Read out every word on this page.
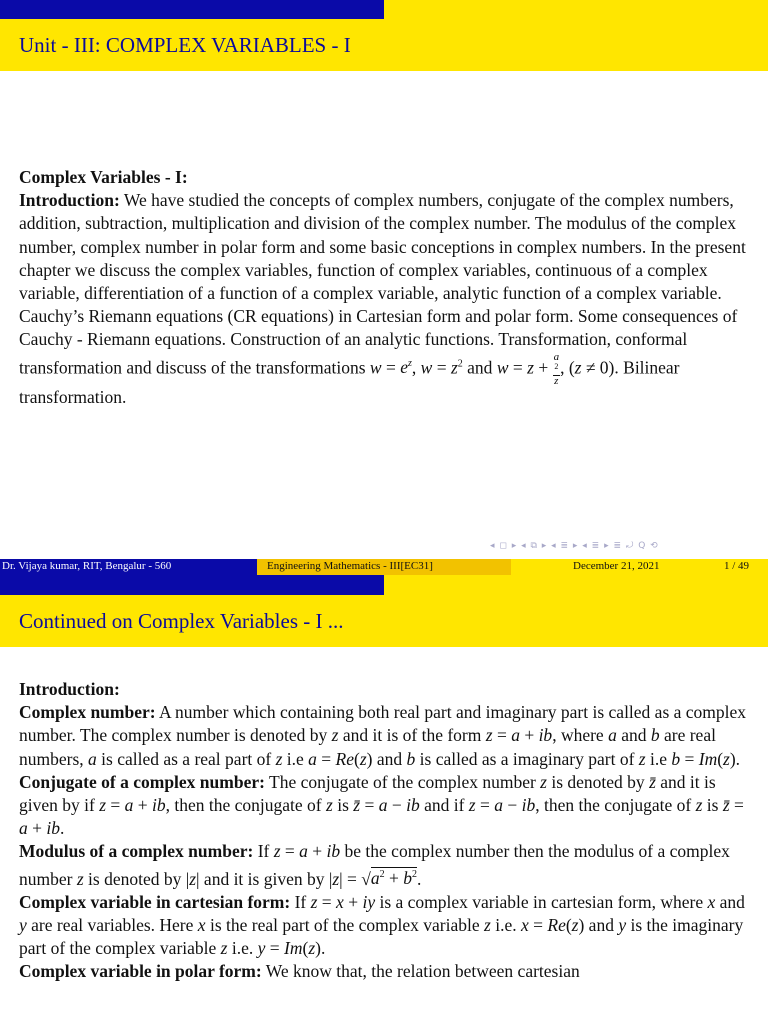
Unit - III: COMPLEX VARIABLES - I
Complex Variables - I:
Introduction: We have studied the concepts of complex numbers, conjugate of the complex numbers, addition, subtraction, multiplication and division of the complex number. The modulus of the complex number, complex number in polar form and some basic conceptions in complex numbers. In the present chapter we discuss the complex variables, function of complex variables, continuous of a complex variable, differentiation of a function of a complex variable, analytic function of a complex variable. Cauchy’s Riemann equations (CR equations) in Cartesian form and polar form. Some consequences of Cauchy - Riemann equations. Construction of an analytic functions. Transformation, conformal transformation and discuss of the transformations $w = e^z$, $w = z^2$ and w = z + a
$^2$
z , (z ≠ 0). Bilinear transformation.
◂ ◻ ▸ ◂ ⧉ ▸ ◂ ≣ ▸ ◂ ≣ ▸ ≣ ⤾ Q ⟲
Dr. Vijaya kumar, RIT, Bengalur - 560	Engineering Mathematics - III[EC31]	December 21, 2021	1 / 49
Continued on Complex Variables - I ...
Introduction:
Complex number: A number which containing both real part and imaginary part is called as a complex number. The complex number is denoted by z and it is of the form z = a + ib, where a and b are real numbers, a is called as a real part of z i.e a = Re(z) and b is called as a imaginary part of z i.e b = Im(z).
Conjugate of a complex number: The conjugate of the complex number z is denoted by z̄ and it is given by if z = a + ib, then the conjugate of z is z̄ = a − ib and if z = a − ib, then the conjugate of z is z̄ = a + ib.
Modulus of a complex number: If z = a + ib be the complex number then the modulus of a complex number z is denoted by |z| and it is given by $|z| = √a^2 + b^2$.
Complex variable in cartesian form: If z = x + iy is a complex variable in cartesian form, where x and y are real variables. Here x is the real part of the complex variable z i.e. x = Re(z) and y is the imaginary part of the complex variable z i.e. y = Im(z).
Complex variable in polar form: We know that, the relation between cartesian
